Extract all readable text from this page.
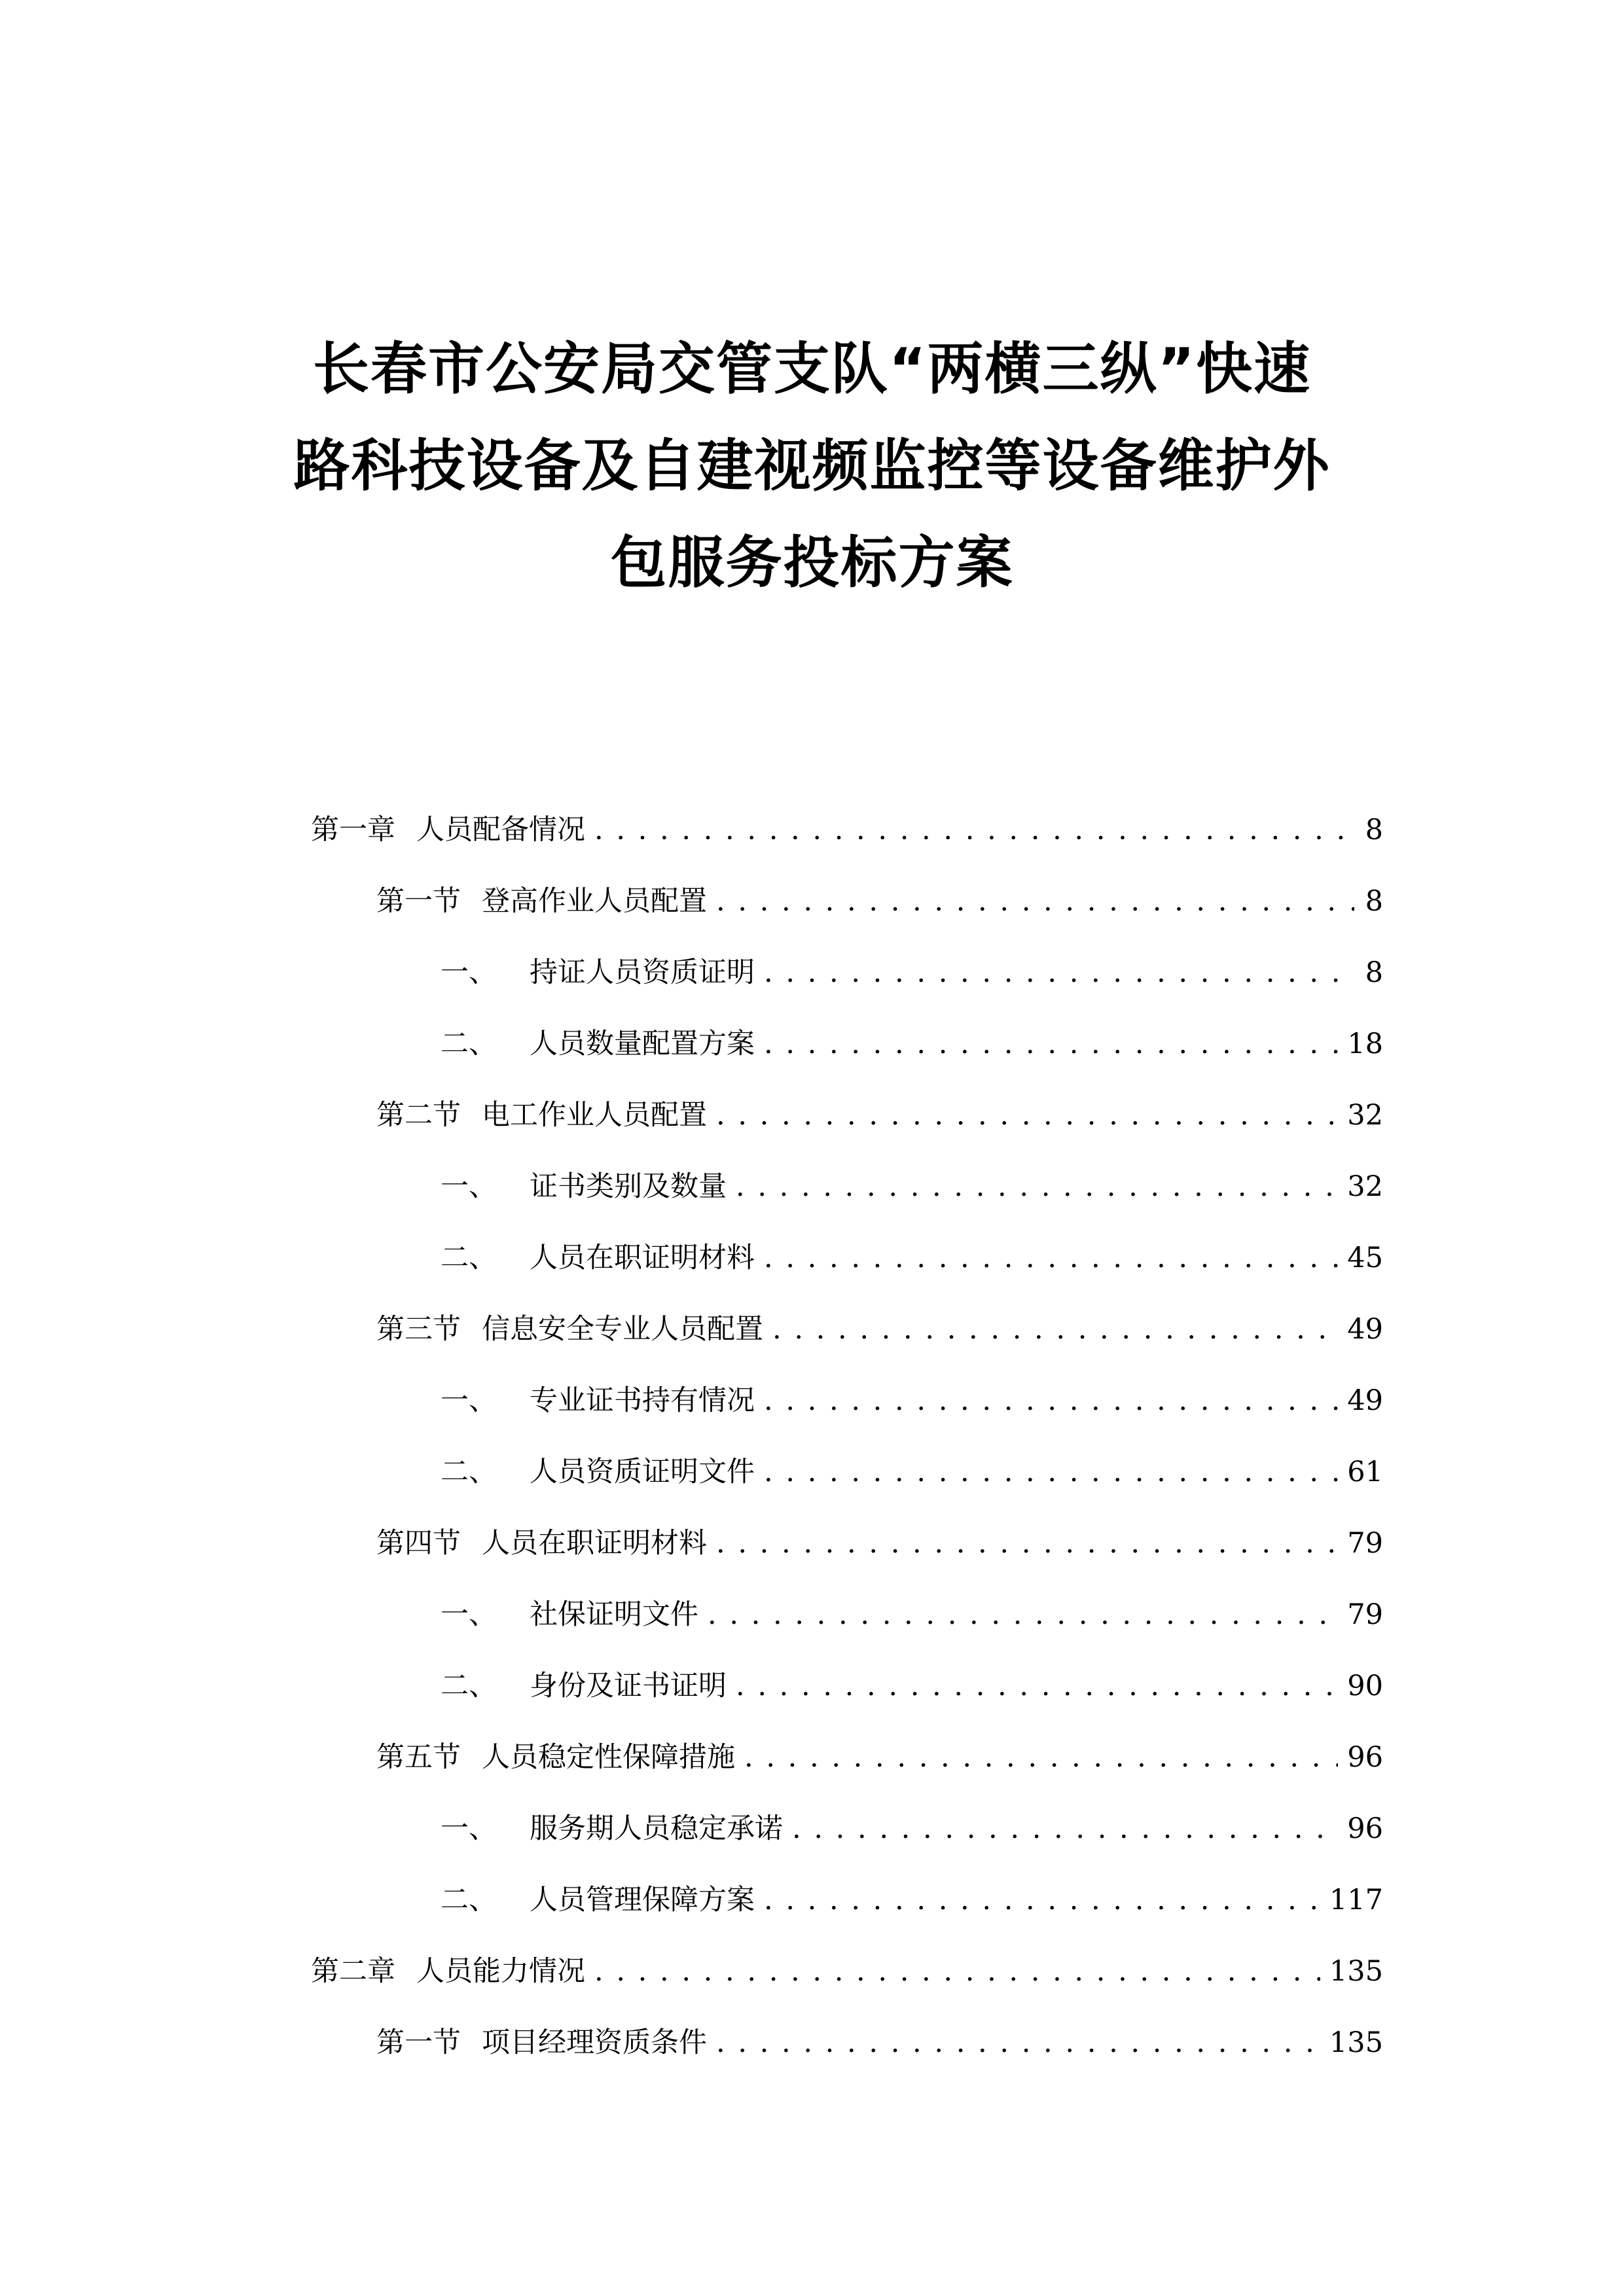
长春市公安局交管支队“两横三纵”快速
路科技设备及自建视频监控等设备维护外
包服务投标方案
第一章 人员配备情况 . . .	8
第一节 登高作业人员配置 . . .	8
一、	持证人员资质证明 . . .	8
二、	人员数量配置方案 . . .	18
第二节 电工作业人员配置 . . .	32
一、	证书类别及数量 . . .	32
二、	人员在职证明材料 . . .	45
第三节 信息安全专业人员配置 . . .	49
一、	专业证书持有情况 . . .	49
二、	人员资质证明文件 . . .	61
第四节 人员在职证明材料 . . .	79
一、	社保证明文件 . . .	79
二、	身份及证书证明 . . .	90
第五节 人员稳定性保障措施 . . .	96
一、	服务期人员稳定承诺 . . .	96
二、	人员管理保障方案 . . .	117
第二章 人员能力情况 . . .	135
第一节 项目经理资质条件 . . .	135
